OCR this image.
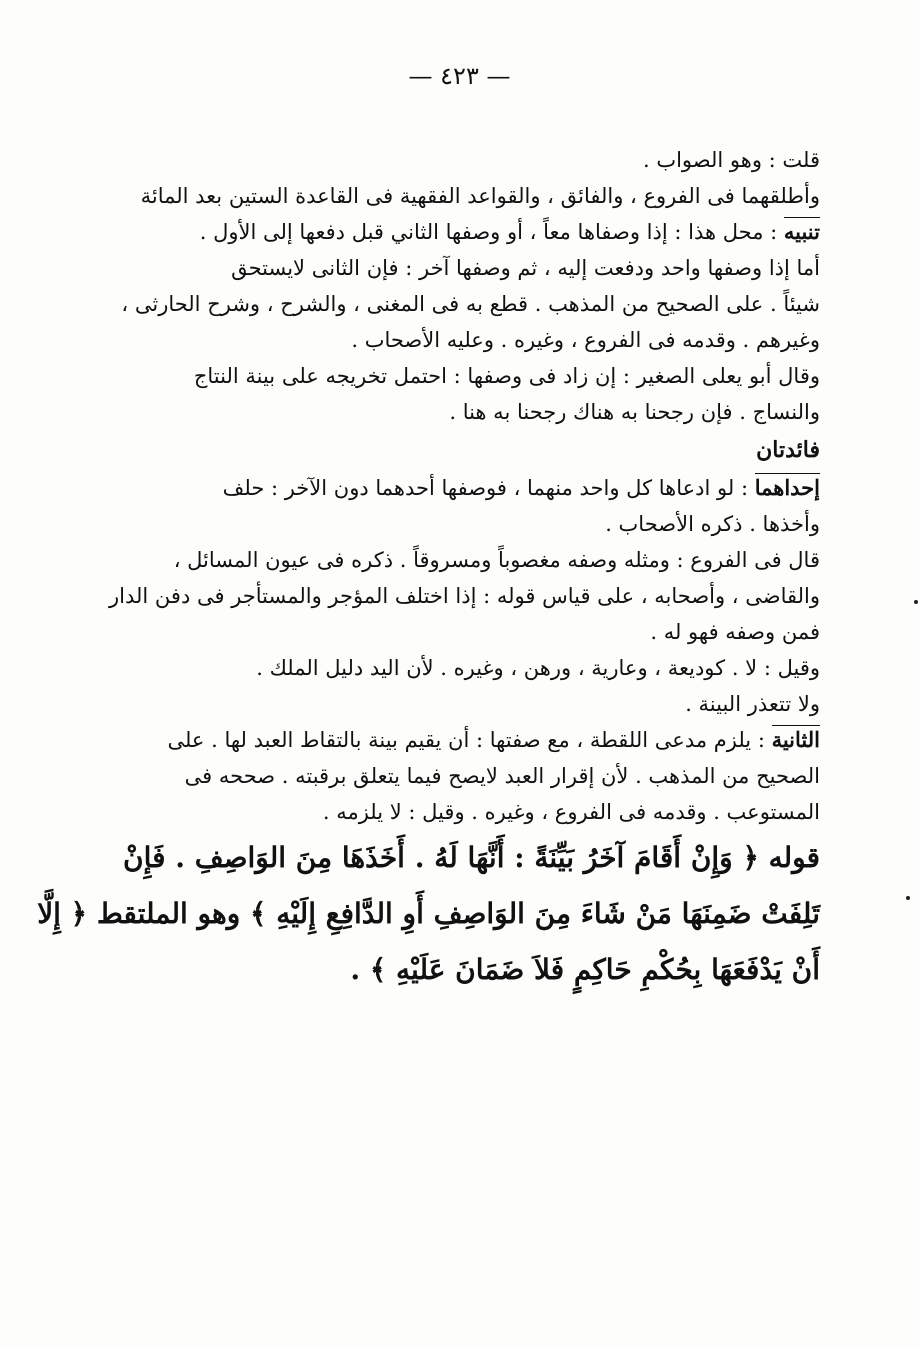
— ٤٢٣ —
قلت : وهو الصواب .
وأطلقهما فى الفروع ، والفائق ، والقواعد الفقهية فى القاعدة الستين بعد المائة
تنبيه : محل هذا : إذا وصفاها معاً ، أو وصفها الثاني قبل دفعها إلى الأول .
أما إذا وصفها واحد ودفعت إليه ، ثم وصفها آخر : فإن الثانى لايستحق
شيئاً . على الصحيح من المذهب . قطع به فى المغنى ، والشرح ، وشرح الحارثى ،
وغيرهم . وقدمه فى الفروع ، وغيره . وعليه الأصحاب .
وقال أبو يعلى الصغير : إن زاد فى وصفها : احتمل تخريجه على بينة النتاج
والنساج . فإن رجحنا به هناك رجحنا به هنا .
فائدتان
إحداهما : لو ادعاها كل واحد منهما ، فوصفها أحدهما دون الآخر : حلف
وأخذها . ذكره الأصحاب .
قال فى الفروع : ومثله وصفه مغصوباً ومسروقاً . ذكره فى عيون المسائل ،
والقاضى ، وأصحابه ، على قياس قوله : إذا اختلف المؤجر والمستأجر فى دفن الدار
فمن وصفه فهو له .
وقيل : لا . كوديعة ، وعارية ، ورهن ، وغيره . لأن اليد دليل الملك .
ولا تتعذر البينة .
الثانية : يلزم مدعى اللقطة ، مع صفتها : أن يقيم بينة بالتقاط العبد لها . على
الصحيح من المذهب . لأن إقرار العبد لايصح فيما يتعلق برقبته . صححه فى
المستوعب . وقدمه فى الفروع ، وغيره . وقيل : لا يلزمه .
قوله ﴿ وَإِنْ أَقَامَ آخَرُ بَيِّنَةً : أَنَّهَا لَهُ . أَخَذَهَا مِنَ الوَاصِفِ . فَإِنْ
تَلِفَتْ ضَمِنَهَا مَنْ شَاءَ مِنَ الوَاصِفِ أَوِ الدَّافِعِ إِلَيْهِ ﴾ وهو الملتقط ﴿ إِلَّا
أَنْ يَدْفَعَهَا بِحُكْمِ حَاكِمٍ فَلاَ ضَمَانَ عَلَيْهِ ﴾ .
